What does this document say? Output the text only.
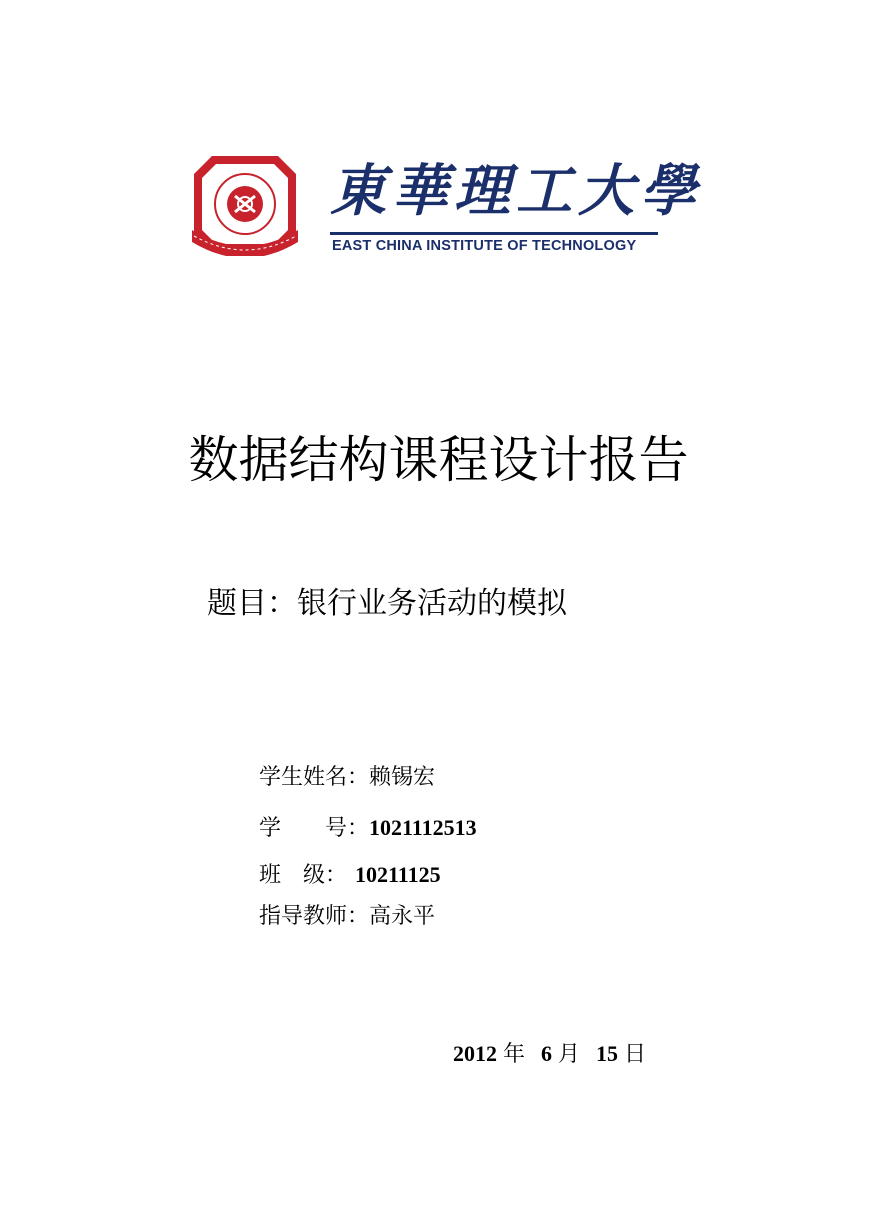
東華理工大學
EAST CHINA INSTITUTE OF TECHNOLOGY
数据结构课程设计报告
题目：银行业务活动的模拟
学生姓名：赖锡宏
学　　号：1021112513
班　级： 10211125
指导教师：高永平
2012 年 6 月 15 日
